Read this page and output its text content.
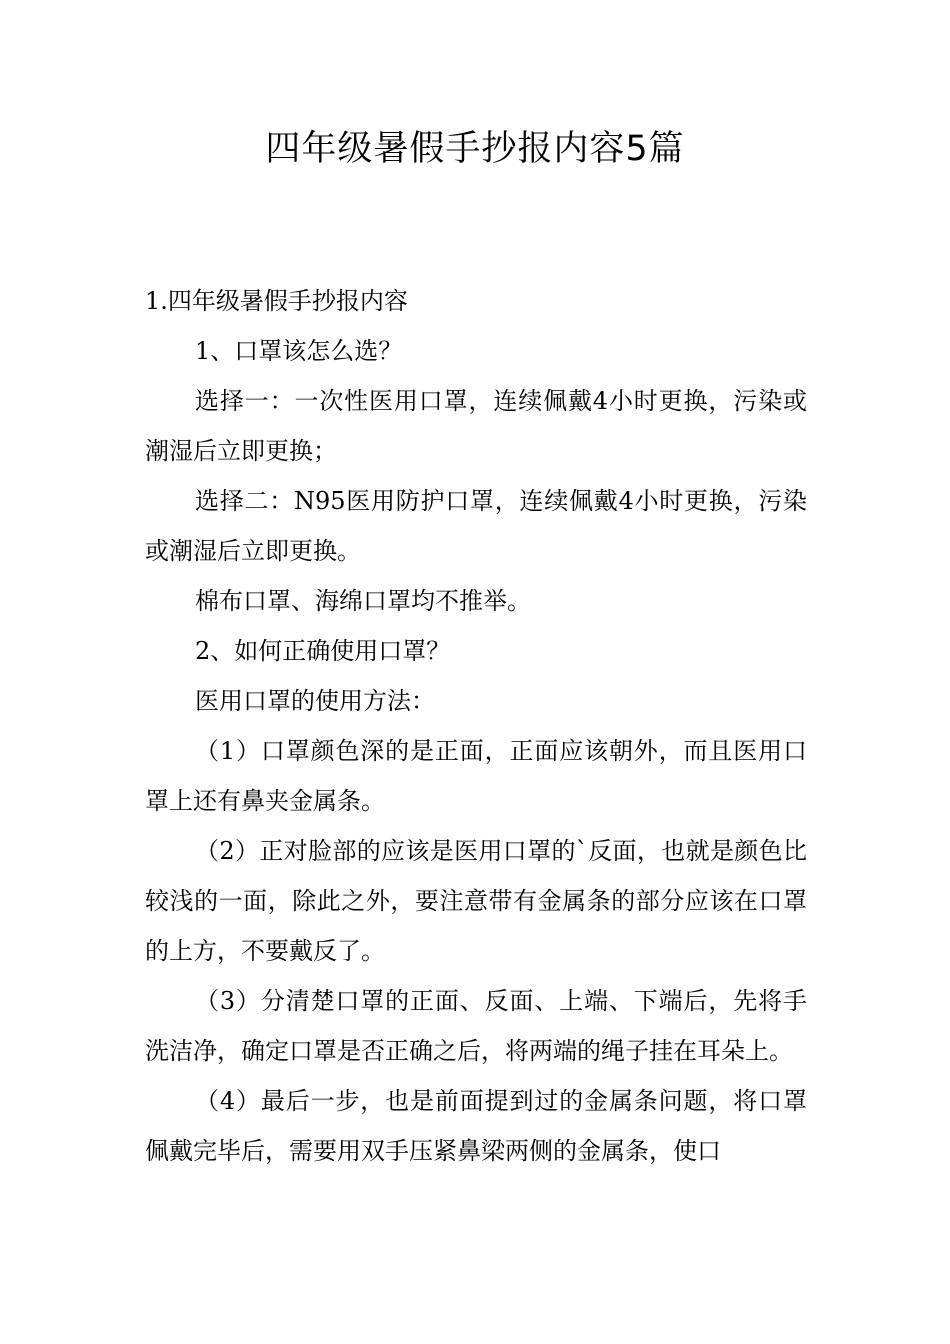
四年级暑假手抄报内容5篇

1.四年级暑假手抄报内容

1、口罩该怎么选？

选择一：一次性医用口罩，连续佩戴4小时更换，污染或潮湿后立即更换；

选择二：N95医用防护口罩，连续佩戴4小时更换，污染或潮湿后立即更换。

棉布口罩、海绵口罩均不推举。

2、如何正确使用口罩？

医用口罩的使用方法：

（1）口罩颜色深的是正面，正面应该朝外，而且医用口罩上还有鼻夹金属条。

（2）正对脸部的应该是医用口罩的`反面，也就是颜色比较浅的一面，除此之外，要注意带有金属条的部分应该在口罩的上方，不要戴反了。

（3）分清楚口罩的正面、反面、上端、下端后，先将手洗洁净，确定口罩是否正确之后，将两端的绳子挂在耳朵上。

（4）最后一步，也是前面提到过的金属条问题，将口罩佩戴完毕后，需要用双手压紧鼻梁两侧的金属条，使口
